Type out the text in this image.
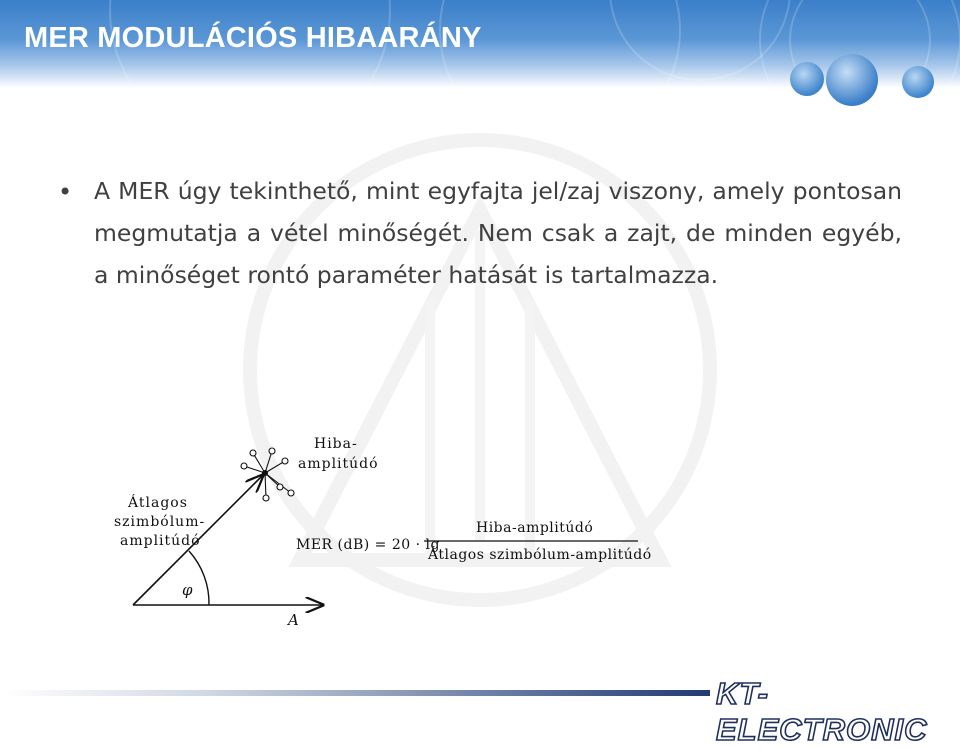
MER MODULÁCIÓS HIBAARÁNY
• A MER úgy tekinthető, mint egyfajta jel/zaj viszony, amely pontosan megmutatja a vétel minőségét. Nem csak a zajt, de minden egyéb, a minőséget rontó paraméter hatását is tartalmazza.
Hiba-
amplitúdó
Átlagos
szimbólum-
amplitúdó
φ
A
MER (dB) = 20 · lg
Hiba-amplitúdó
Átlagos szimbólum-amplitúdó
KT-ELECTRONIC
